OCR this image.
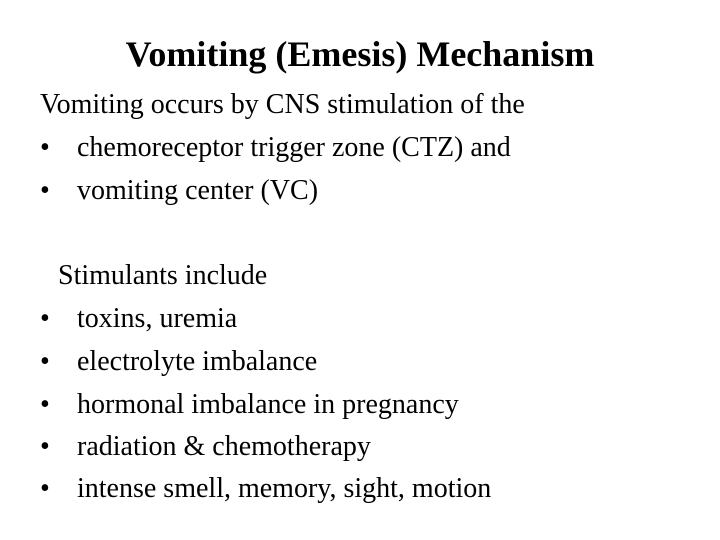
Vomiting (Emesis) Mechanism
Vomiting occurs by CNS stimulation of the
• chemoreceptor trigger zone (CTZ) and
• vomiting center (VC)
Stimulants include
• toxins, uremia
• electrolyte imbalance
• hormonal imbalance in pregnancy
• radiation & chemotherapy
• intense smell, memory, sight, motion
